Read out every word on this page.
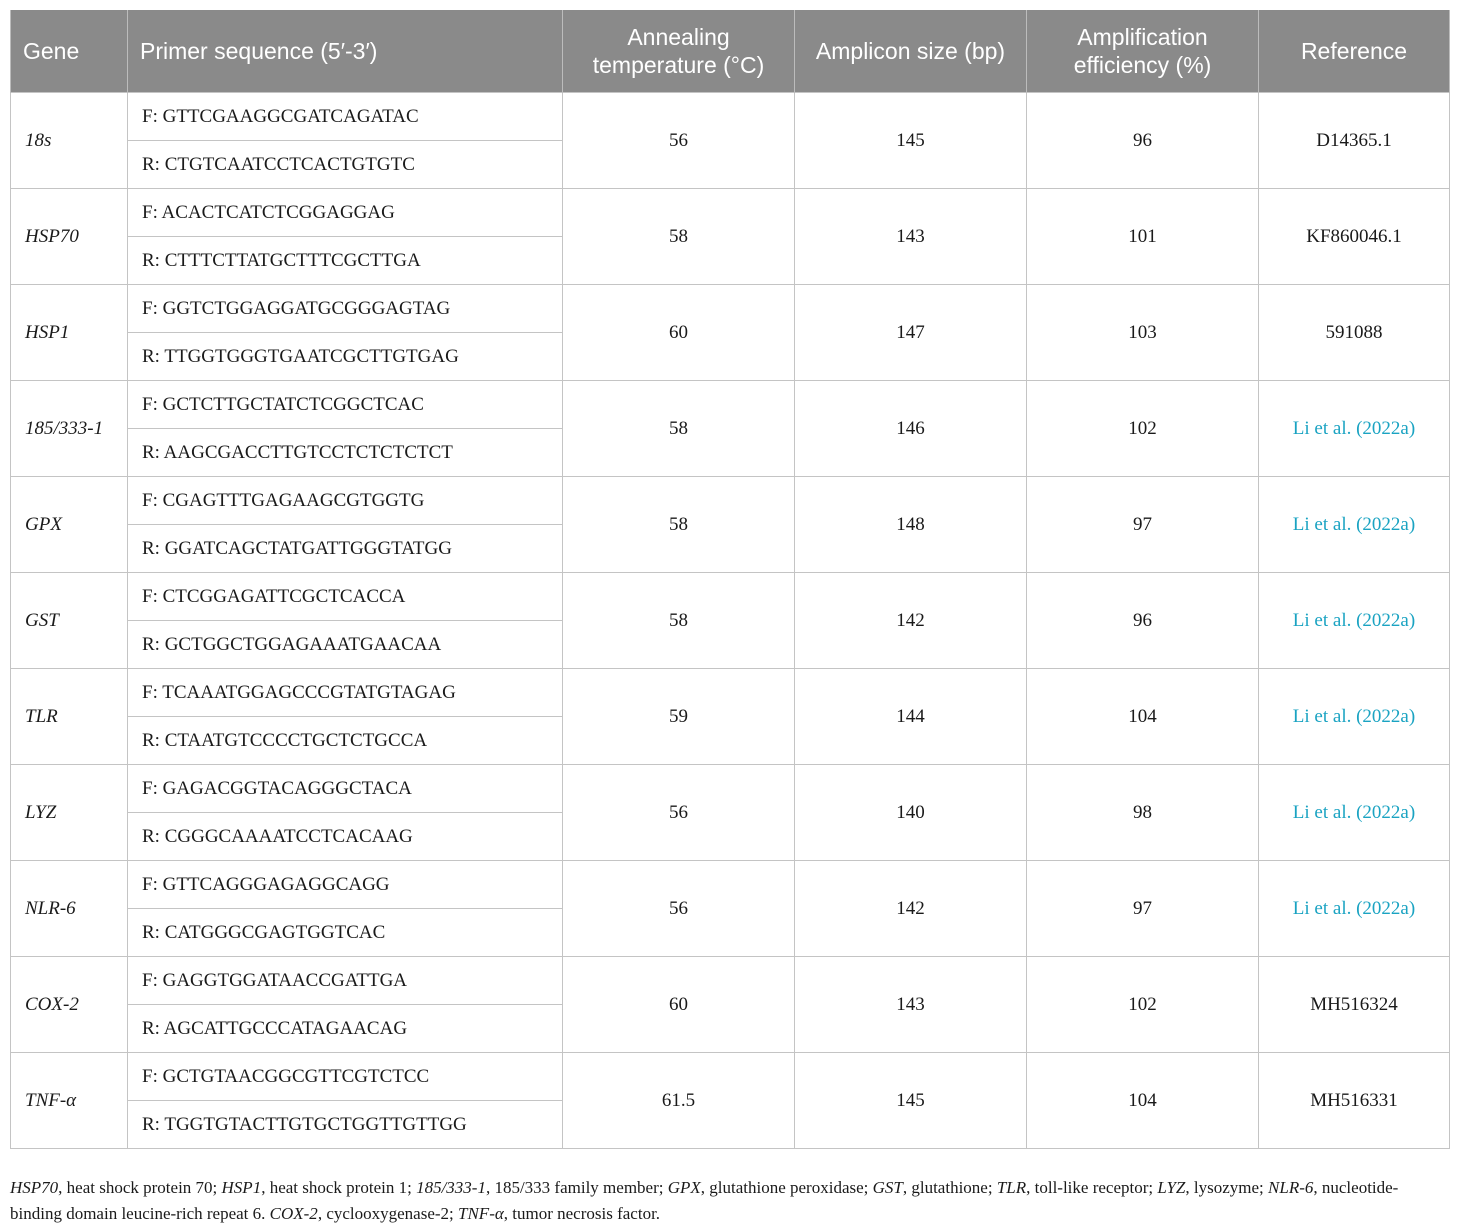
Gene	Primer sequence (5′-3′)	Annealing temperature (°C)	Amplicon size (bp)	Amplification efficiency (%)	Reference
18s	F: GTTCGAAGGCGATCAGATAC	56	145	96	D14365.1
	R: CTGTCAATCCTCACTGTGTC				
HSP70	F: ACACTCATCTCGGAGGAG	58	143	101	KF860046.1
	R: CTTTCTTATGCTTTCGCTTGA				
HSP1	F: GGTCTGGAGGATGCGGGAGTAG	60	147	103	591088
	R: TTGGTGGGTGAATCGCTTGTGAG				
185/333-1	F: GCTCTTGCTATCTCGGCTCAC	58	146	102	Li et al. (2022a)
	R: AAGCGACCTTGTCCTCTCTCTCT				
GPX	F: CGAGTTTGAGAAGCGTGGTG	58	148	97	Li et al. (2022a)
	R: GGATCAGCTATGATTGGGTATGG				
GST	F: CTCGGAGATTCGCTCACCA	58	142	96	Li et al. (2022a)
	R: GCTGGCTGGAGAAATGAACAA				
TLR	F: TCAAATGGAGCCCGTATGTAGAG	59	144	104	Li et al. (2022a)
	R: CTAATGTCCCCTGCTCTGCCA				
LYZ	F: GAGACGGTACAGGGCTACA	56	140	98	Li et al. (2022a)
	R: CGGGCAAAATCCTCACAAG				
NLR-6	F: GTTCAGGGAGAGGCAGG	56	142	97	Li et al. (2022a)
	R: CATGGGCGAGTGGTCAC				
COX-2	F: GAGGTGGATAACCGATTGA	60	143	102	MH516324
	R: AGCATTGCCCATAGAACAG				
TNF-α	F: GCTGTAACGGCGTTCGTCTCC	61.5	145	104	MH516331
	R: TGGTGTACTTGTGCTGGTTGTTGG				

HSP70, heat shock protein 70; HSP1, heat shock protein 1; 185/333-1, 185/333 family member; GPX, glutathione peroxidase; GST, glutathione; TLR, toll-like receptor; LYZ, lysozyme; NLR-6, nucleotide-binding domain leucine-rich repeat 6. COX-2, cyclooxygenase-2; TNF-α, tumor necrosis factor.
